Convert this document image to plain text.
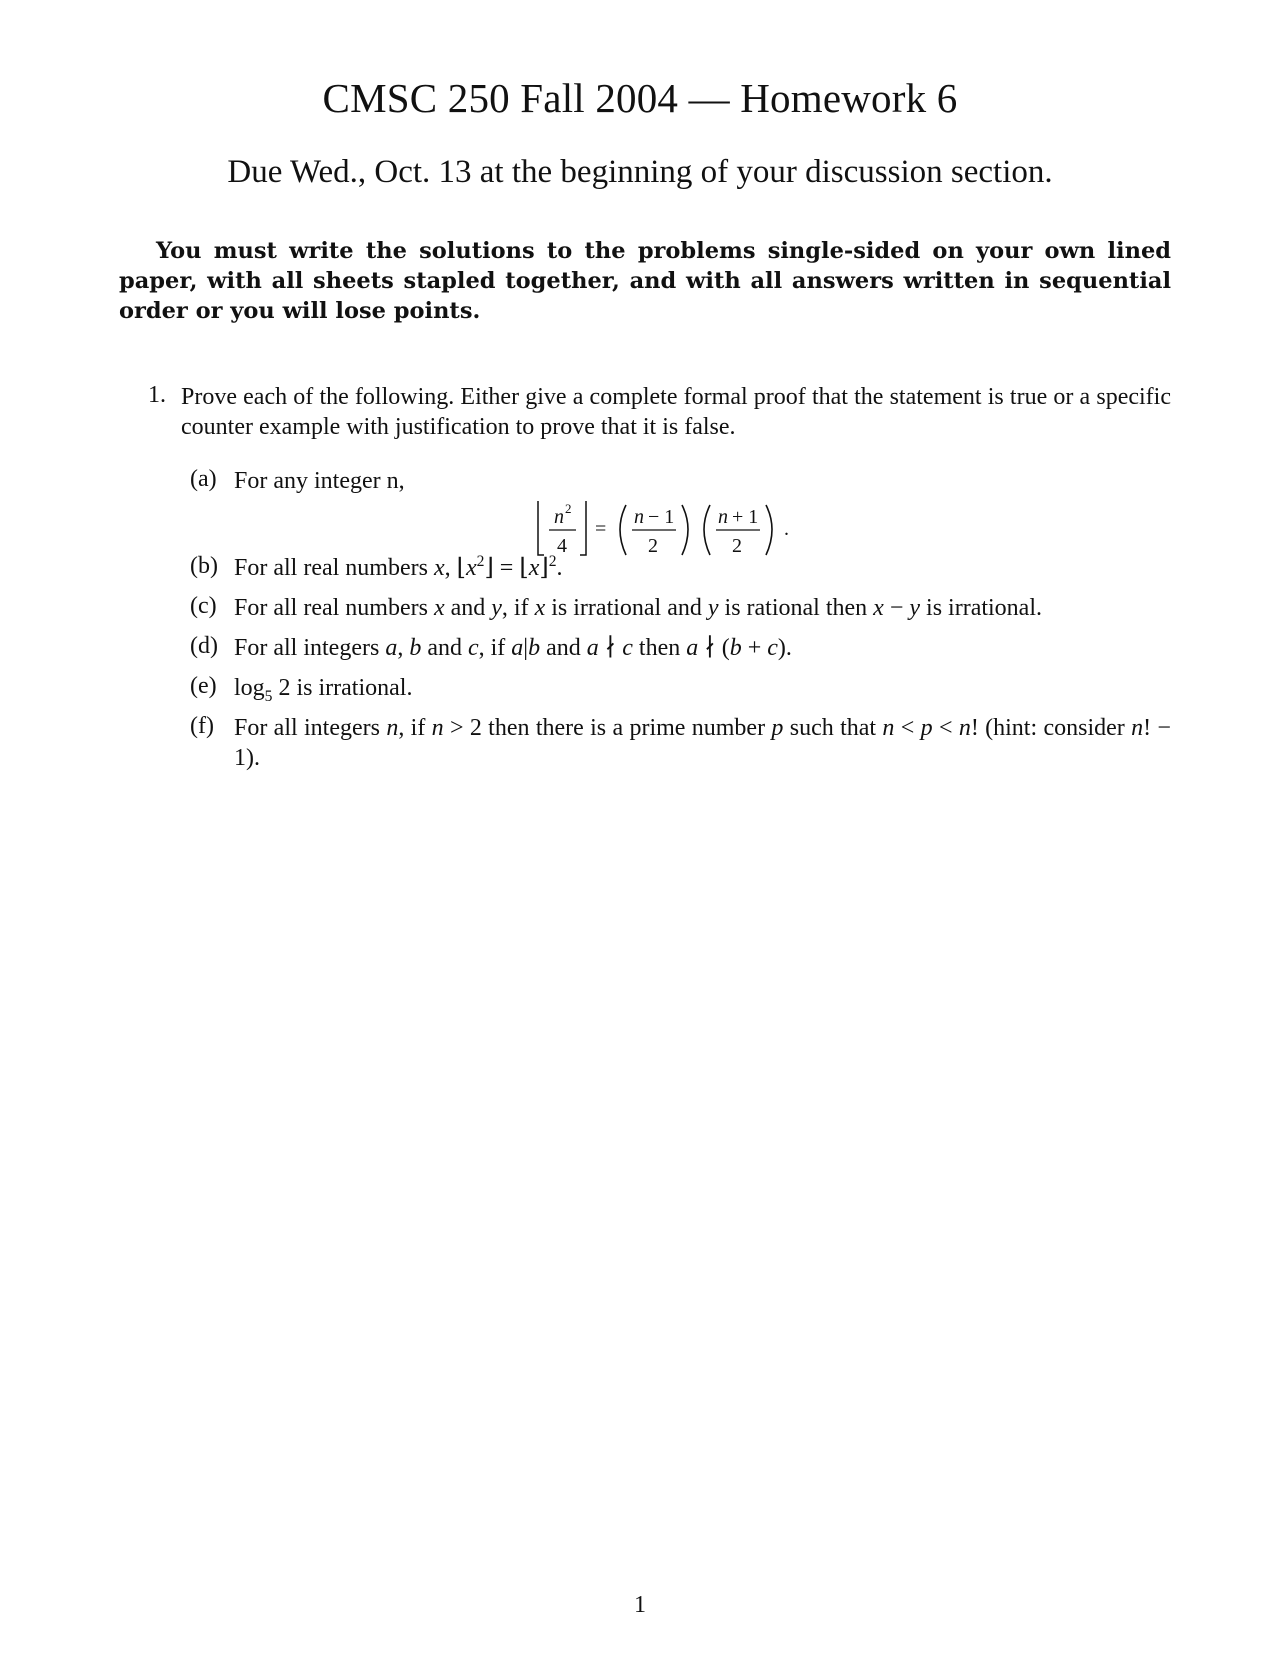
CMSC 250 Fall 2004 — Homework 6
Due Wed., Oct. 13 at the beginning of your discussion section.
You must write the solutions to the problems single-sided on your own lined paper, with all sheets stapled together, and with all answers written in sequential order or you will lose points.
1. Prove each of the following. Either give a complete formal proof that the statement is true or a specific counter example with justification to prove that it is false.
(a) For any integer n,
n 2
4
=
n − 1
2
n + 1
2
.
(b) For all real numbers x, $⌊x^2⌋$ = ⌊x⌋$^2$.
(c) For all real numbers x and y, if x is irrational and y is rational then x − y is irrational.
(d) For all integers a, b and c, if a|b and a ∤ c then a ∤ (b + c).
(e) $\log_5 2$ is irrational.
(f) For all integers n, if n > 2 then there is a prime number p such that n < p < n! (hint: consider n! − 1).
1
